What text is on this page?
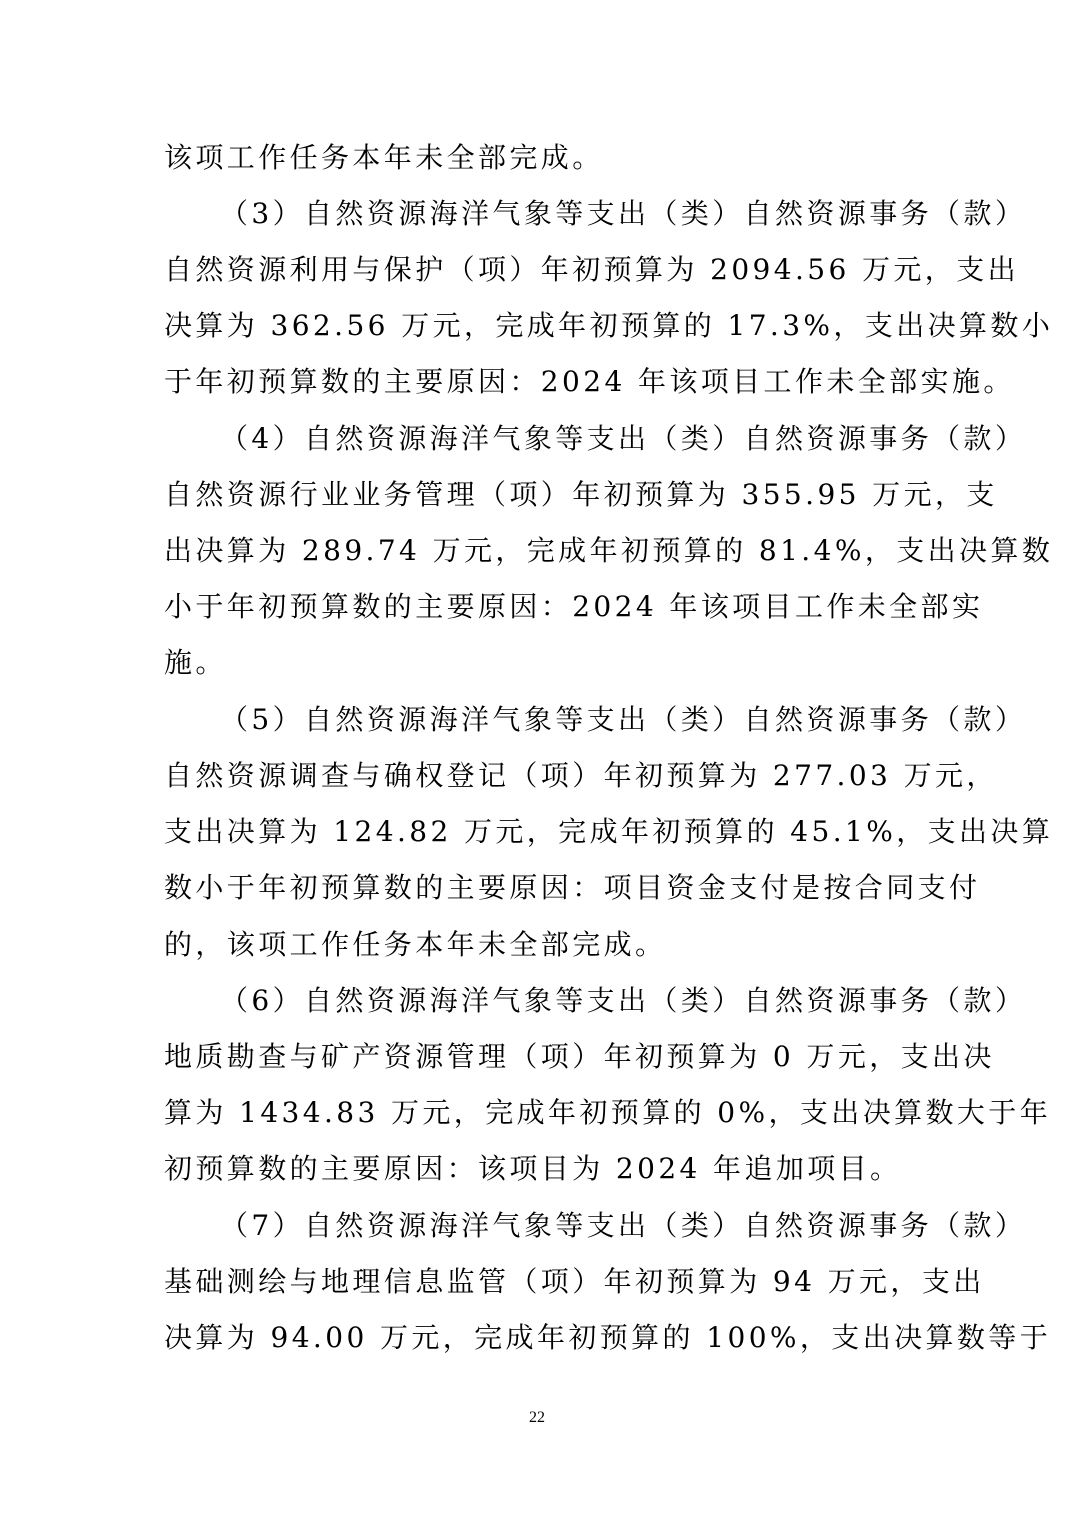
该项工作任务本年未全部完成。
（3）自然资源海洋气象等支出（类）自然资源事务（款）
自然资源利用与保护（项）年初预算为 2094.56 万元，支出
决算为 362.56 万元，完成年初预算的 17.3%，支出决算数小
于年初预算数的主要原因：2024 年该项目工作未全部实施。
（4）自然资源海洋气象等支出（类）自然资源事务（款）
自然资源行业业务管理（项）年初预算为 355.95 万元，支
出决算为 289.74 万元，完成年初预算的 81.4%，支出决算数
小于年初预算数的主要原因：2024 年该项目工作未全部实
施。
（5）自然资源海洋气象等支出（类）自然资源事务（款）
自然资源调查与确权登记（项）年初预算为 277.03 万元，
支出决算为 124.82 万元，完成年初预算的 45.1%，支出决算
数小于年初预算数的主要原因：项目资金支付是按合同支付
的，该项工作任务本年未全部完成。
（6）自然资源海洋气象等支出（类）自然资源事务（款）
地质勘查与矿产资源管理（项）年初预算为 0 万元，支出决
算为 1434.83 万元，完成年初预算的 0%，支出决算数大于年
初预算数的主要原因：该项目为 2024 年追加项目。
（7）自然资源海洋气象等支出（类）自然资源事务（款）
基础测绘与地理信息监管（项）年初预算为 94 万元，支出
决算为 94.00 万元，完成年初预算的 100%，支出决算数等于
22
